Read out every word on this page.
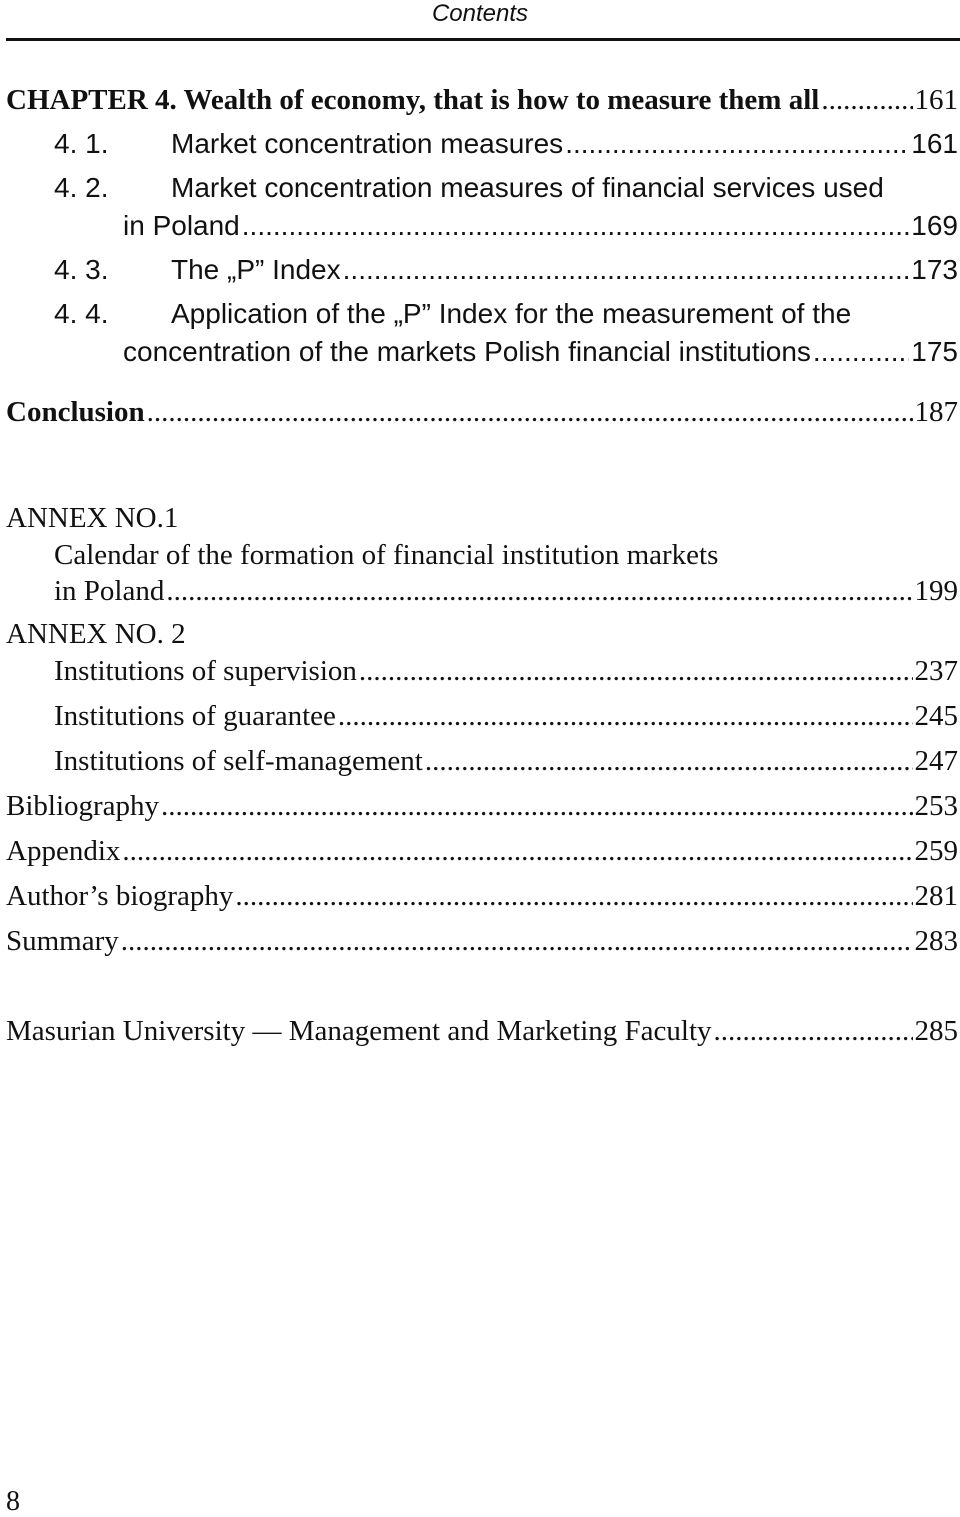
Contents
CHAPTER 4. Wealth of economy, that is how to measure them all .....	161
4. 1.	Market concentration measures .....	161
4. 2.	Market concentration measures of financial services used
in Poland .....	169
4. 3.	The „P” Index .....	173
4. 4.	Application of the „P” Index for the measurement of the
concentration of the markets Polish financial institutions .....	175
Conclusion .....	187
ANNEX NO.1
Calendar of the formation of financial institution markets
in Poland .....	199
ANNEX NO. 2
Institutions of supervision .....	237
Institutions of guarantee .....	245
Institutions of self-management .....	247
Bibliography .....	253
Appendix .....	259
Author’s biography .....	281
Summary .....	283
Masurian University — Management and Marketing Faculty .....	285
8
